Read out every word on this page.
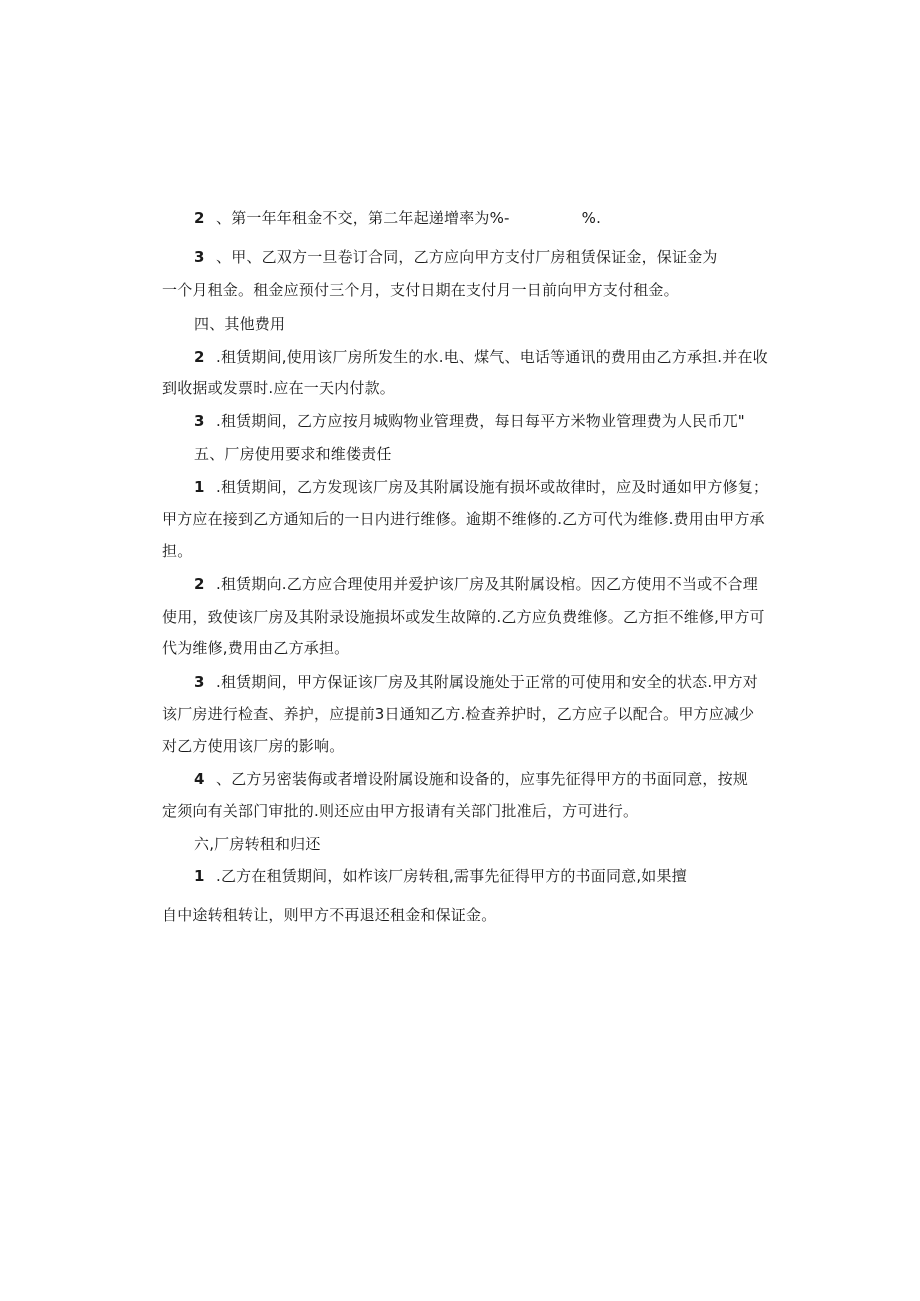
2 、第一年年租金不交，第二年起递增率为%-	%.
3 、甲、乙双方一旦卷订合同，乙方应向甲方支付厂房租赁保证金，保证金为
一个月租金。租金应预付三个月，支付日期在支付月一日前向甲方支付租金。
四、其他费用
2 .租赁期间,使用该厂房所发生的水.电、煤气、电话等通讯的费用由乙方承担.并在收
到收据或发票时.应在一天内付款。
3 .租赁期间，乙方应按月城购物业管理费，每日每平方米物业管理费为人民币兀"
五、厂房使用要求和维偻责任
1 .租赁期间，乙方发现该厂房及其附属设施有损坏或故律时，应及时通如甲方修复；
甲方应在接到乙方通知后的一日内进行维修。逾期不维修的.乙方可代为维修.费用由甲方承
担。
2 .租赁期向.乙方应合理使用并爱护该厂房及其附属设棺。因乙方使用不当或不合理
使用，致使该厂房及其附录设施损坏或发生故障的.乙方应负费维修。乙方拒不维修,甲方可
代为维修,费用由乙方承担。
3 .租赁期间，甲方保证该厂房及其附属设施处于正常的可使用和安全的状态.甲方对
该厂房进行检查、养护，应提前3日通知乙方.检查养护时，乙方应子以配合。甲方应减少
对乙方使用该厂房的影响。
4 、乙方另密装侮或者增设附属设施和设备的，应事先征得甲方的书面同意，按规
定须向有关部门审批的.则还应由甲方报请有关部门批准后，方可进行。
六,厂房转租和归还
1 .乙方在租赁期间，如柞该厂房转租,需事先征得甲方的书面同意,如果擅
自中途转租转让，则甲方不再退还租金和保证金。
